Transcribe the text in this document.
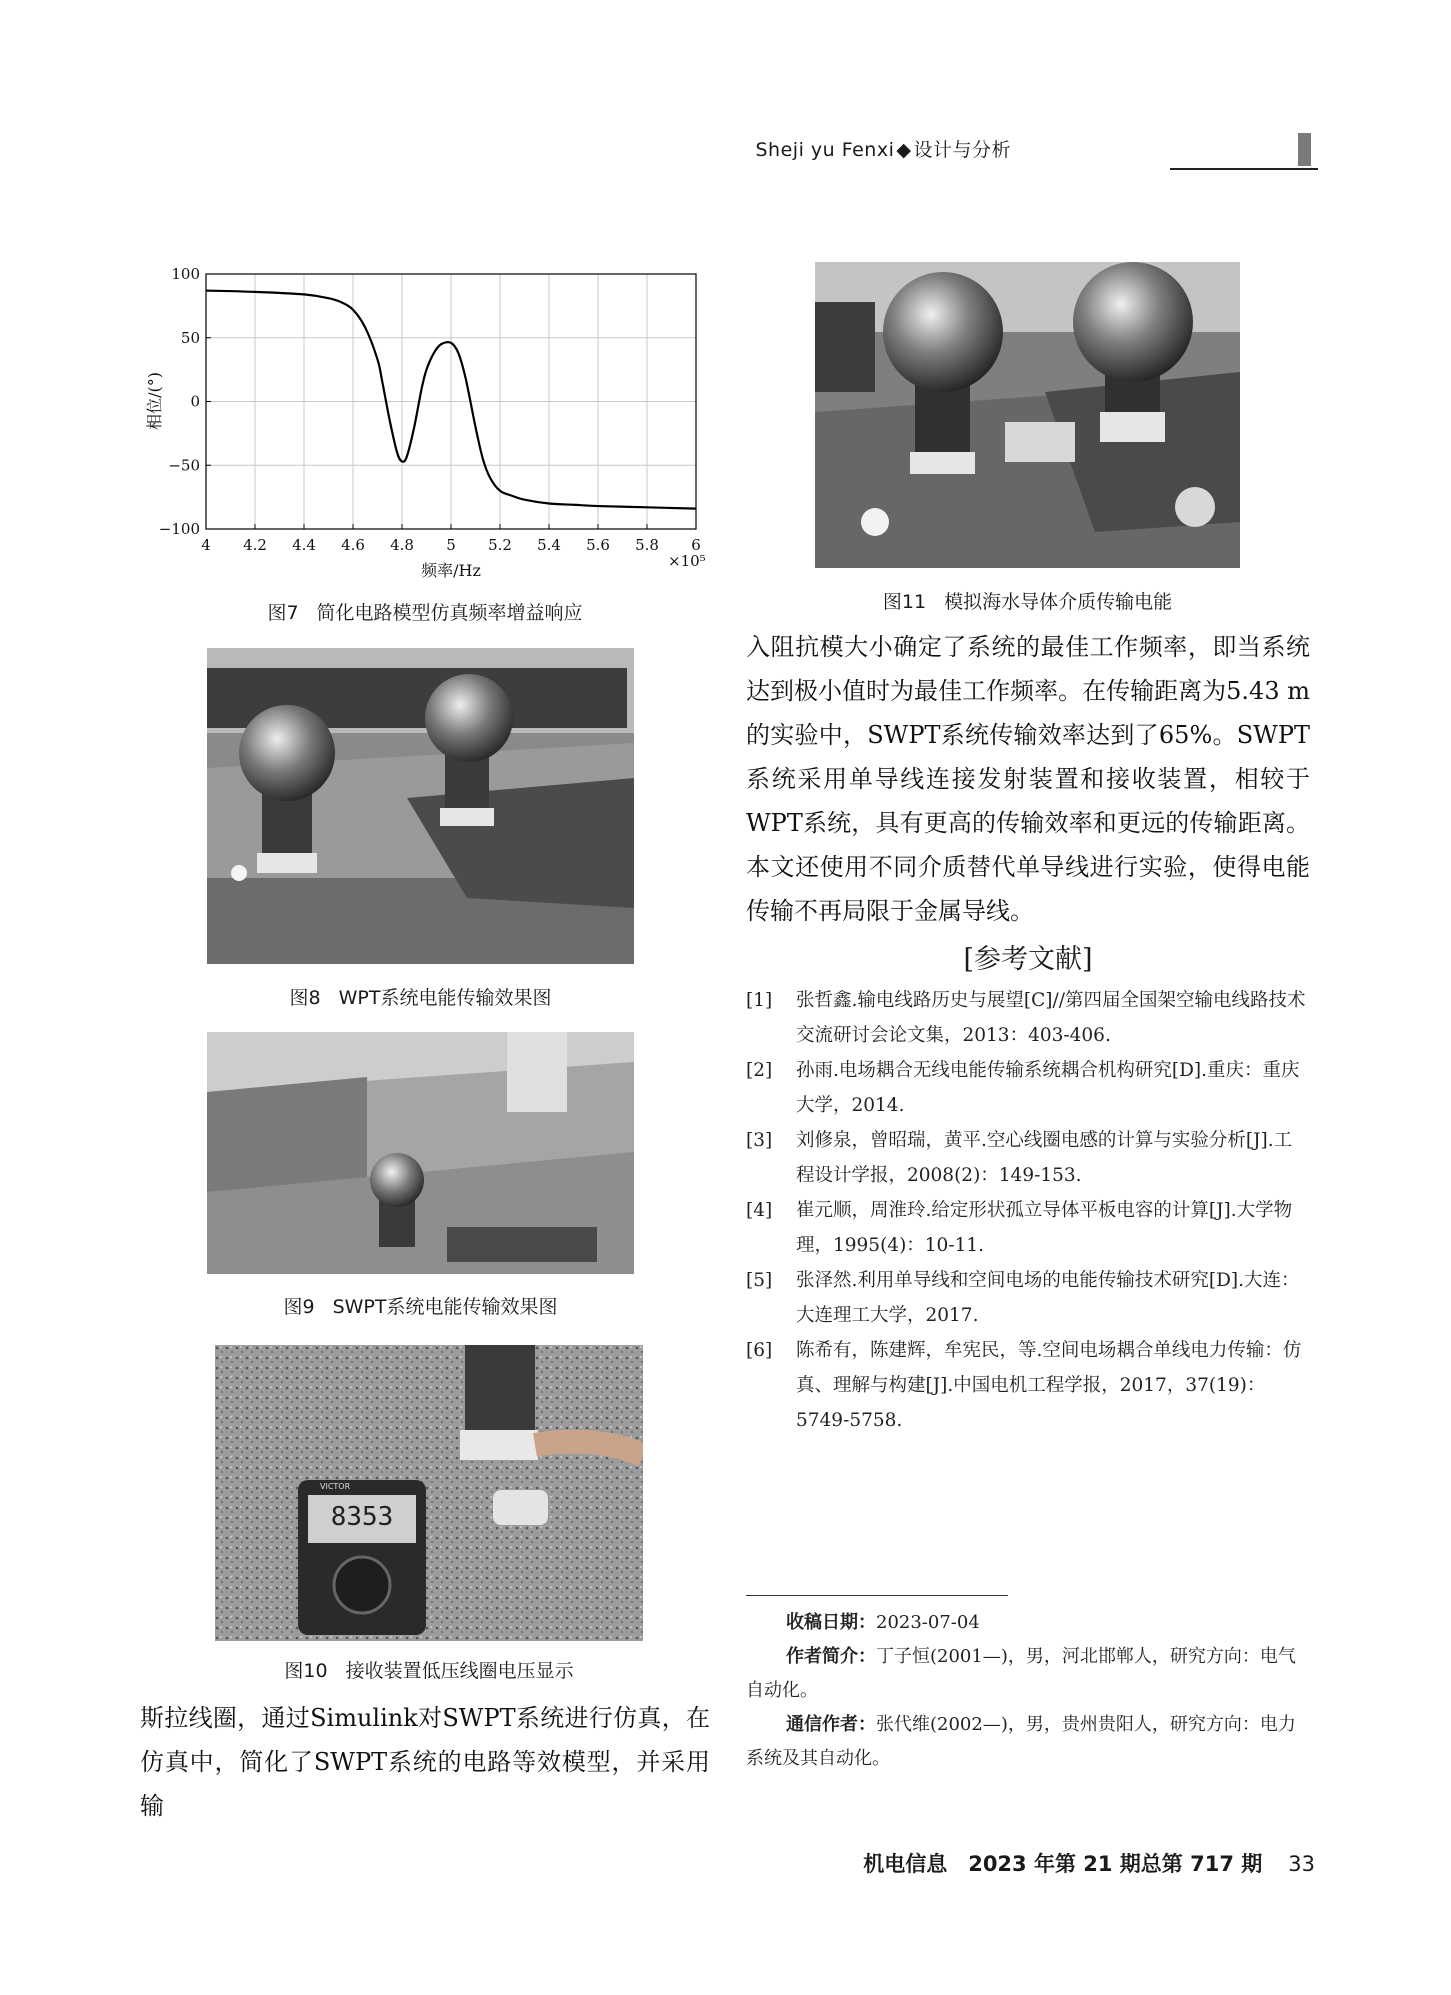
Sheji yu Fenxi ◆ 设计与分析
4 4.2 4.4 4.6 4.8 5 5.2 5.4 5.6 5.8 6
100
50
0
−50
−100
频率/Hz	×10⁵
相位/(°)
图7 简化电路模型仿真频率增益响应
图8 WPT系统电能传输效果图
图9 SWPT系统电能传输效果图
8353
VICTOR
图10 接收装置低压线圈电压显示
斯拉线圈，通过Simulink对SWPT系统进行仿真，在仿真中，简化了SWPT系统的电路等效模型，并采用输
图11 模拟海水导体介质传输电能
入阻抗模大小确定了系统的最佳工作频率，即当系统达到极小值时为最佳工作频率。在传输距离为5.43 m的实验中，SWPT系统传输效率达到了65%。SWPT系统采用单导线连接发射装置和接收装置，相较于WPT系统，具有更高的传输效率和更远的传输距离。本文还使用不同介质替代单导线进行实验，使得电能传输不再局限于金属导线。
[参考文献]
[1] 张哲鑫.输电线路历史与展望[C]//第四届全国架空输电线路技术交流研讨会论文集，2013：403-406.
[2] 孙雨.电场耦合无线电能传输系统耦合机构研究[D].重庆：重庆大学，2014.
[3] 刘修泉，曾昭瑞，黄平.空心线圈电感的计算与实验分析[J].工程设计学报，2008(2)：149-153.
[4] 崔元顺，周淮玲.给定形状孤立导体平板电容的计算[J].大学物理，1995(4)：10-11.
[5] 张泽然.利用单导线和空间电场的电能传输技术研究[D].大连：大连理工大学，2017.
[6] 陈希有，陈建辉，牟宪民，等.空间电场耦合单线电力传输：仿真、理解与构建[J].中国电机工程学报，2017，37(19)：5749-5758.
收稿日期：2023-07-04
作者简介：丁子恒(2001—)，男，河北邯郸人，研究方向：电气自动化。
通信作者：张代维(2002—)，男，贵州贵阳人，研究方向：电力系统及其自动化。
机电信息　2023 年第 21 期总第 717 期 33
